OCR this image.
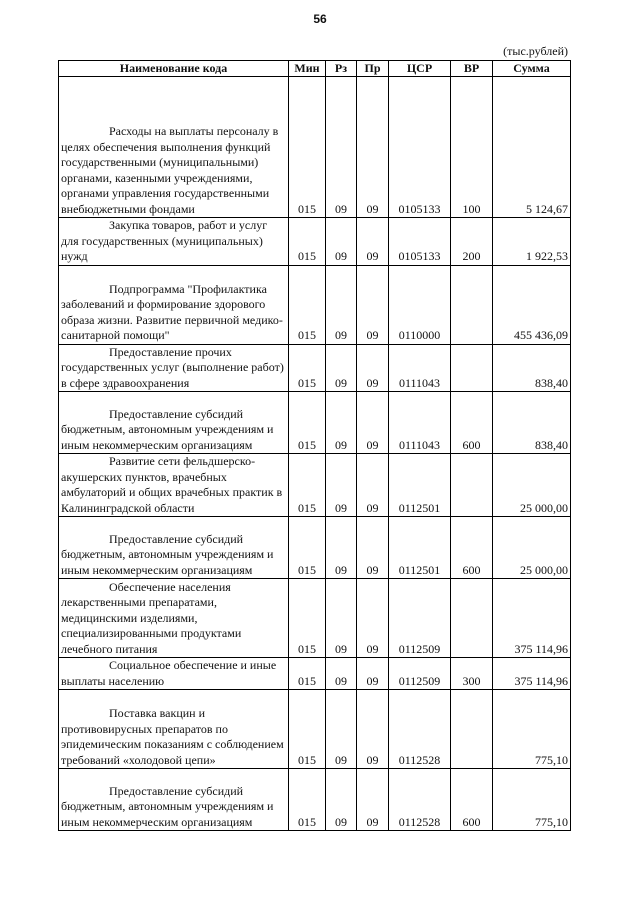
56
(тыс.рублей)
Наименование кода	Мин	Рз	Пр	ЦСР	ВР	Сумма
Расходы на выплаты персоналу в целях обеспечения выполнения функций государственными (муниципальными) органами, казенными учреждениями, органами управления государственными внебюджетными фондами	015	09	09	0105133	100	5 124,67
Закупка товаров, работ и услуг для государственных (муниципальных) нужд	015	09	09	0105133	200	1 922,53
Подпрограмма "Профилактика заболеваний и формирование здорового образа жизни. Развитие первичной медико-санитарной помощи"	015	09	09	0110000		455 436,09
Предоставление прочих государственных услуг (выполнение работ) в сфере здравоохранения	015	09	09	0111043		838,40
Предоставление субсидий бюджетным, автономным учреждениям и иным некоммерческим организациям	015	09	09	0111043	600	838,40
Развитие сети фельдшерско-акушерских пунктов, врачебных амбулаторий и общих врачебных практик в Калининградской области	015	09	09	0112501		25 000,00
Предоставление субсидий бюджетным, автономным учреждениям и иным некоммерческим организациям	015	09	09	0112501	600	25 000,00
Обеспечение населения лекарственными препаратами, медицинскими изделиями, специализированными продуктами лечебного питания	015	09	09	0112509		375 114,96
Социальное обеспечение и иные выплаты населению	015	09	09	0112509	300	375 114,96
Поставка вакцин и противовирусных препаратов по эпидемическим показаниям с соблюдением требований «холодовой цепи»	015	09	09	0112528		775,10
Предоставление субсидий бюджетным, автономным учреждениям и иным некоммерческим организациям	015	09	09	0112528	600	775,10
